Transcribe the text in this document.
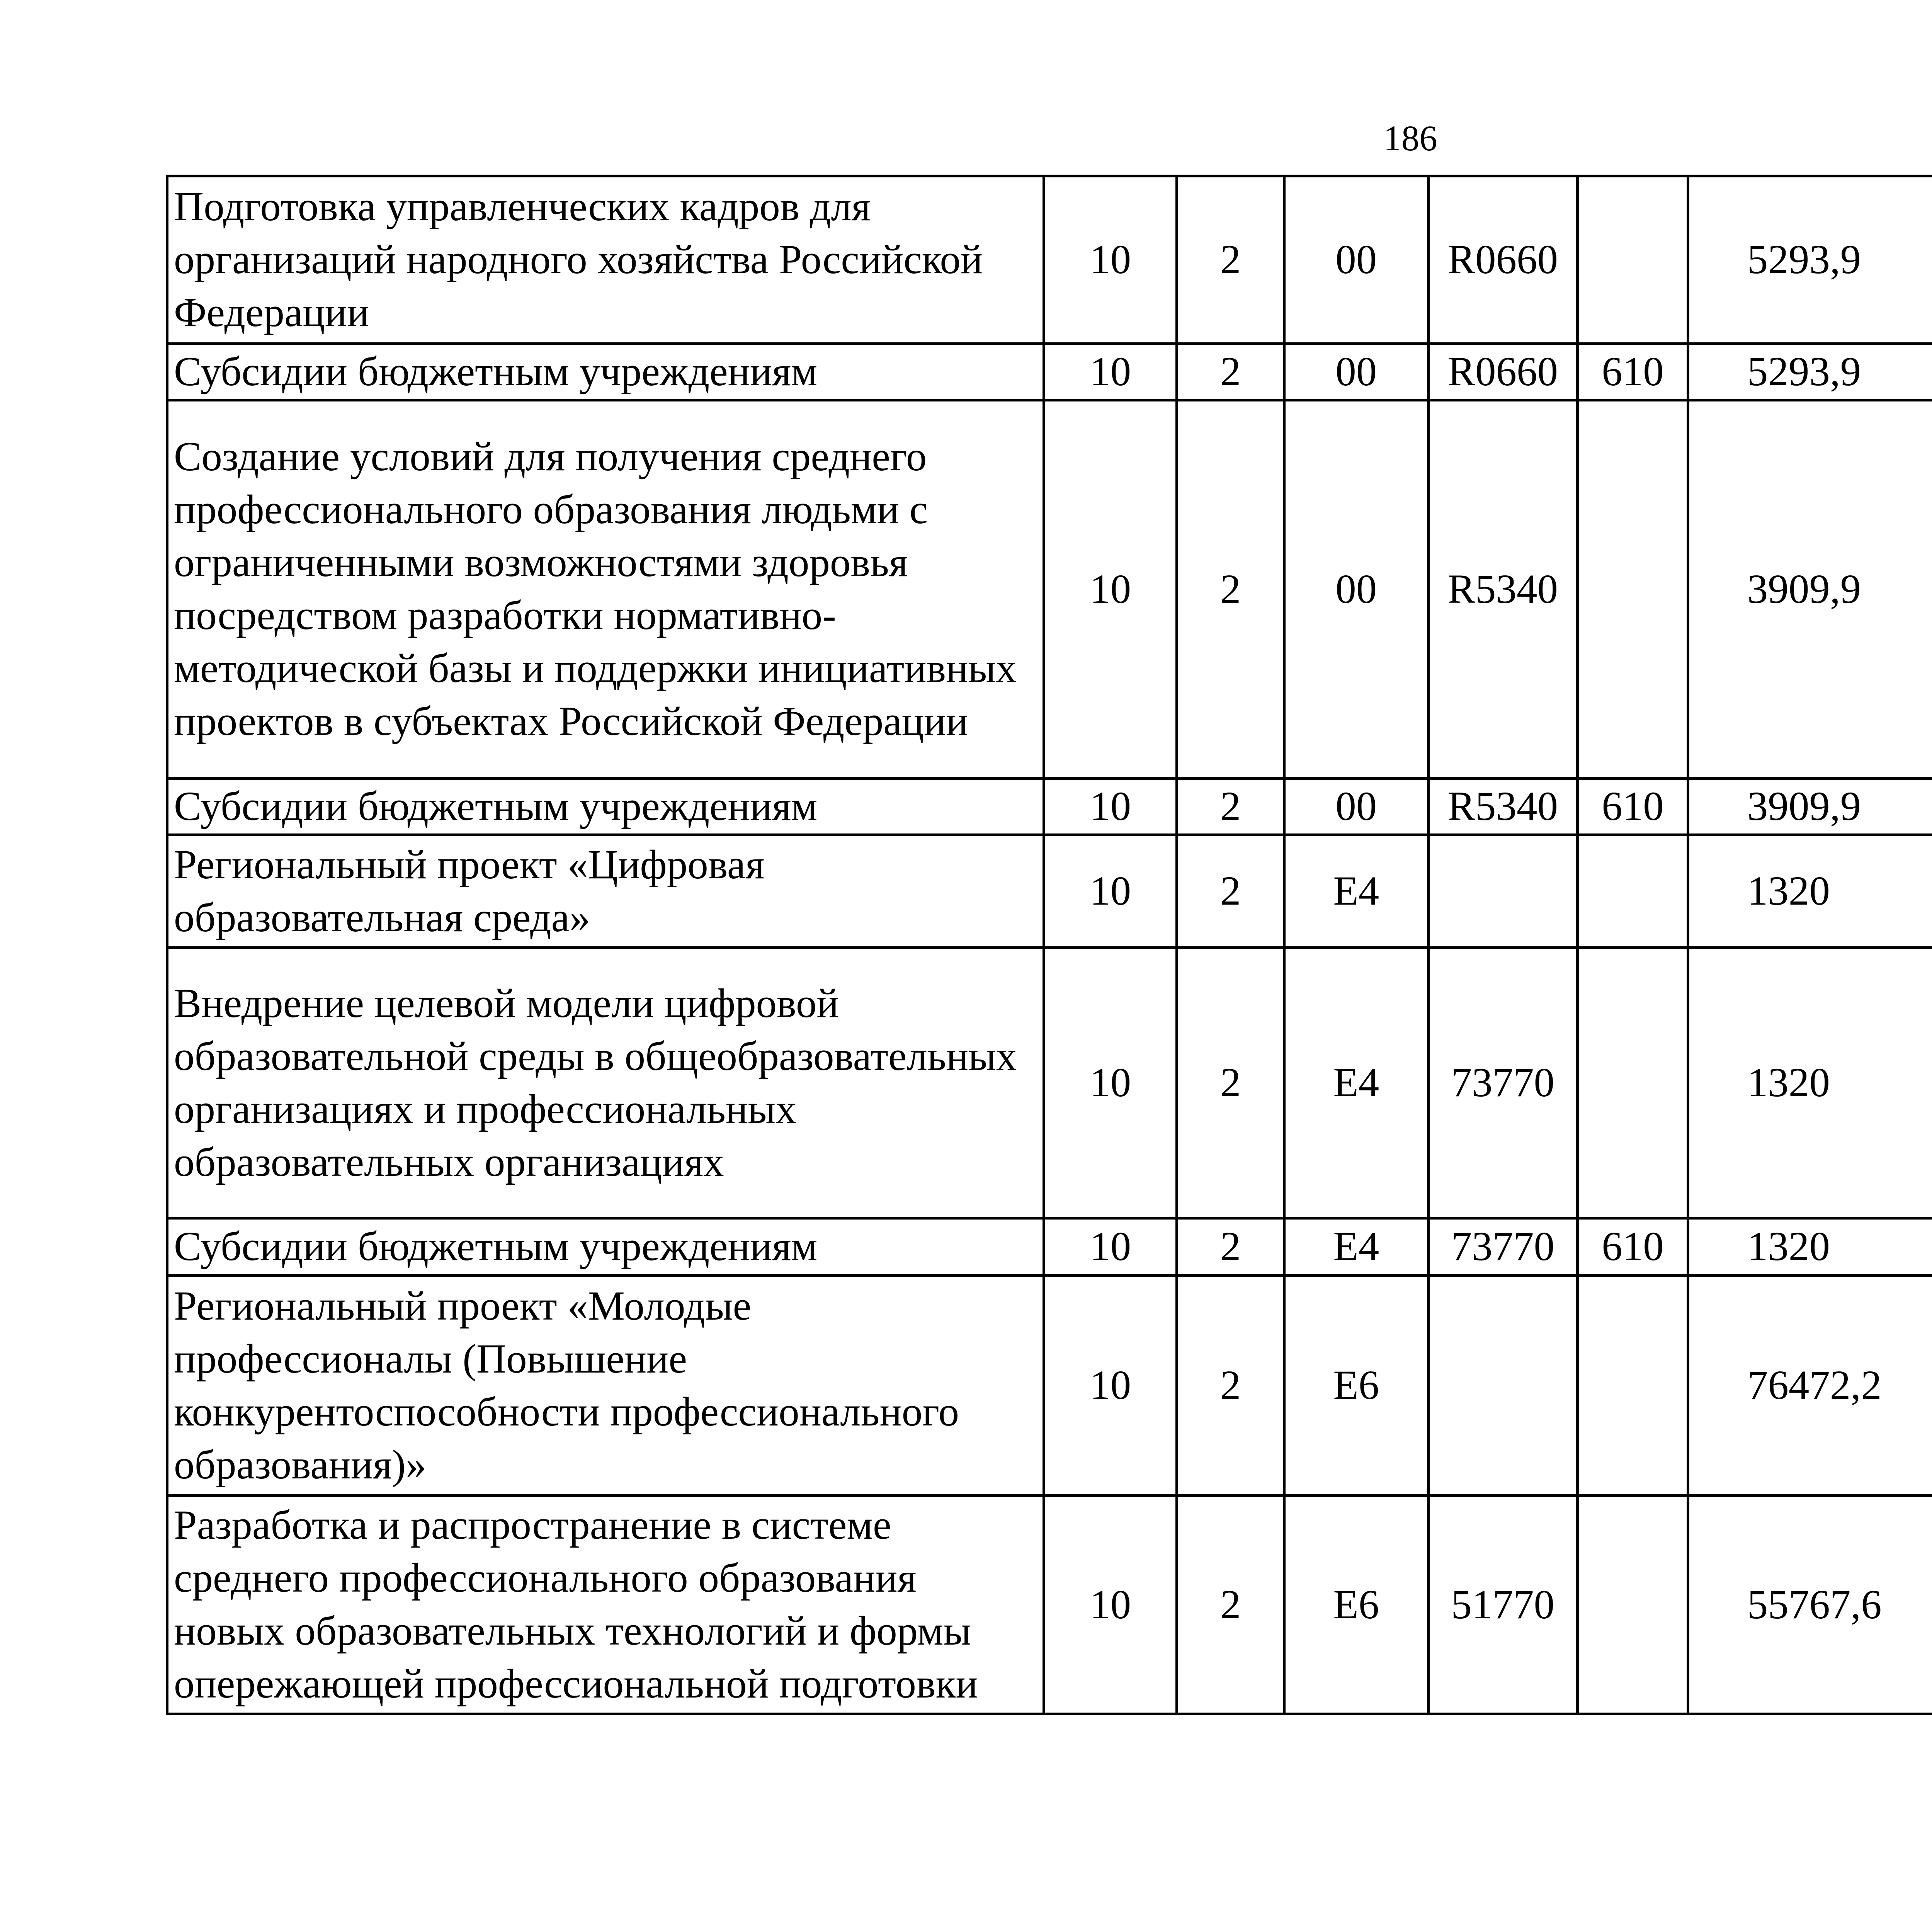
186
Подготовка управленческих кадров для организаций народного хозяйства Российской Федерации	10	2	00	R0660		5293,9		
Субсидии бюджетным учреждениям	10	2	00	R0660	610	5293,9		
Создание условий для получения среднего профессионального образования людьми с ограниченными возможностями здоровья посредством разработки нормативно-методической базы и поддержки инициативных проектов в субъектах Российской Федерации	10	2	00	R5340		3909,9		
Субсидии бюджетным учреждениям	10	2	00	R5340	610	3909,9		
Региональный проект «Цифровая образовательная среда»	10	2	E4			1320		
Внедрение целевой модели цифровой образовательной среды в общеобразовательных организациях и профессиональных образовательных организациях	10	2	E4	73770		1320		
Субсидии бюджетным учреждениям	10	2	E4	73770	610	1320		
Региональный проект «Молодые профессионалы (Повышение конкурентоспособности профессионального образования)»	10	2	E6			76472,2		
Разработка и распространение в системе среднего профессионального образования новых образовательных технологий и формы опережающей профессиональной подготовки	10	2	E6	51770		55767,6		
